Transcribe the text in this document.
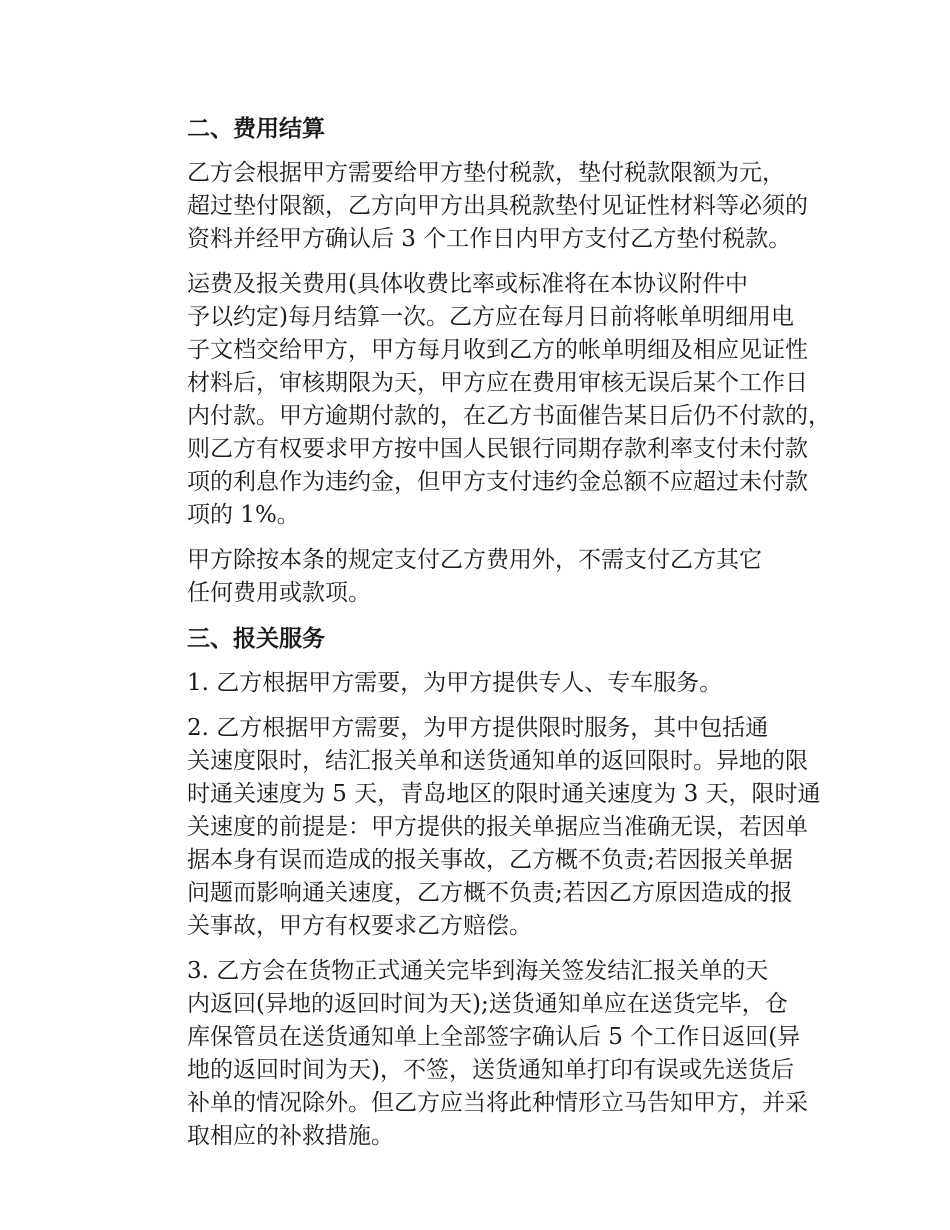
二、费用结算
乙方会根据甲方需要给甲方垫付税款，垫付税款限额为元，
超过垫付限额，乙方向甲方出具税款垫付见证性材料等必须的
资料并经甲方确认后 3 个工作日内甲方支付乙方垫付税款。
运费及报关费用(具体收费比率或标准将在本协议附件中
予以约定)每月结算一次。乙方应在每月日前将帐单明细用电
子文档交给甲方，甲方每月收到乙方的帐单明细及相应见证性
材料后，审核期限为天，甲方应在费用审核无误后某个工作日
内付款。甲方逾期付款的，在乙方书面催告某日后仍不付款的，
则乙方有权要求甲方按中国人民银行同期存款利率支付未付款
项的利息作为违约金，但甲方支付违约金总额不应超过未付款
项的 1%。
甲方除按本条的规定支付乙方费用外，不需支付乙方其它
任何费用或款项。
三、报关服务
1. 乙方根据甲方需要，为甲方提供专人、专车服务。
2. 乙方根据甲方需要，为甲方提供限时服务，其中包括通
关速度限时，结汇报关单和送货通知单的返回限时。异地的限
时通关速度为 5 天，青岛地区的限时通关速度为 3 天，限时通
关速度的前提是：甲方提供的报关单据应当准确无误，若因单
据本身有误而造成的报关事故，乙方概不负责;若因报关单据
问题而影响通关速度，乙方概不负责;若因乙方原因造成的报
关事故，甲方有权要求乙方赔偿。
3. 乙方会在货物正式通关完毕到海关签发结汇报关单的天
内返回(异地的返回时间为天);送货通知单应在送货完毕，仓
库保管员在送货通知单上全部签字确认后 5 个工作日返回(异
地的返回时间为天)，不签，送货通知单打印有误或先送货后
补单的情况除外。但乙方应当将此种情形立马告知甲方，并采
取相应的补救措施。
